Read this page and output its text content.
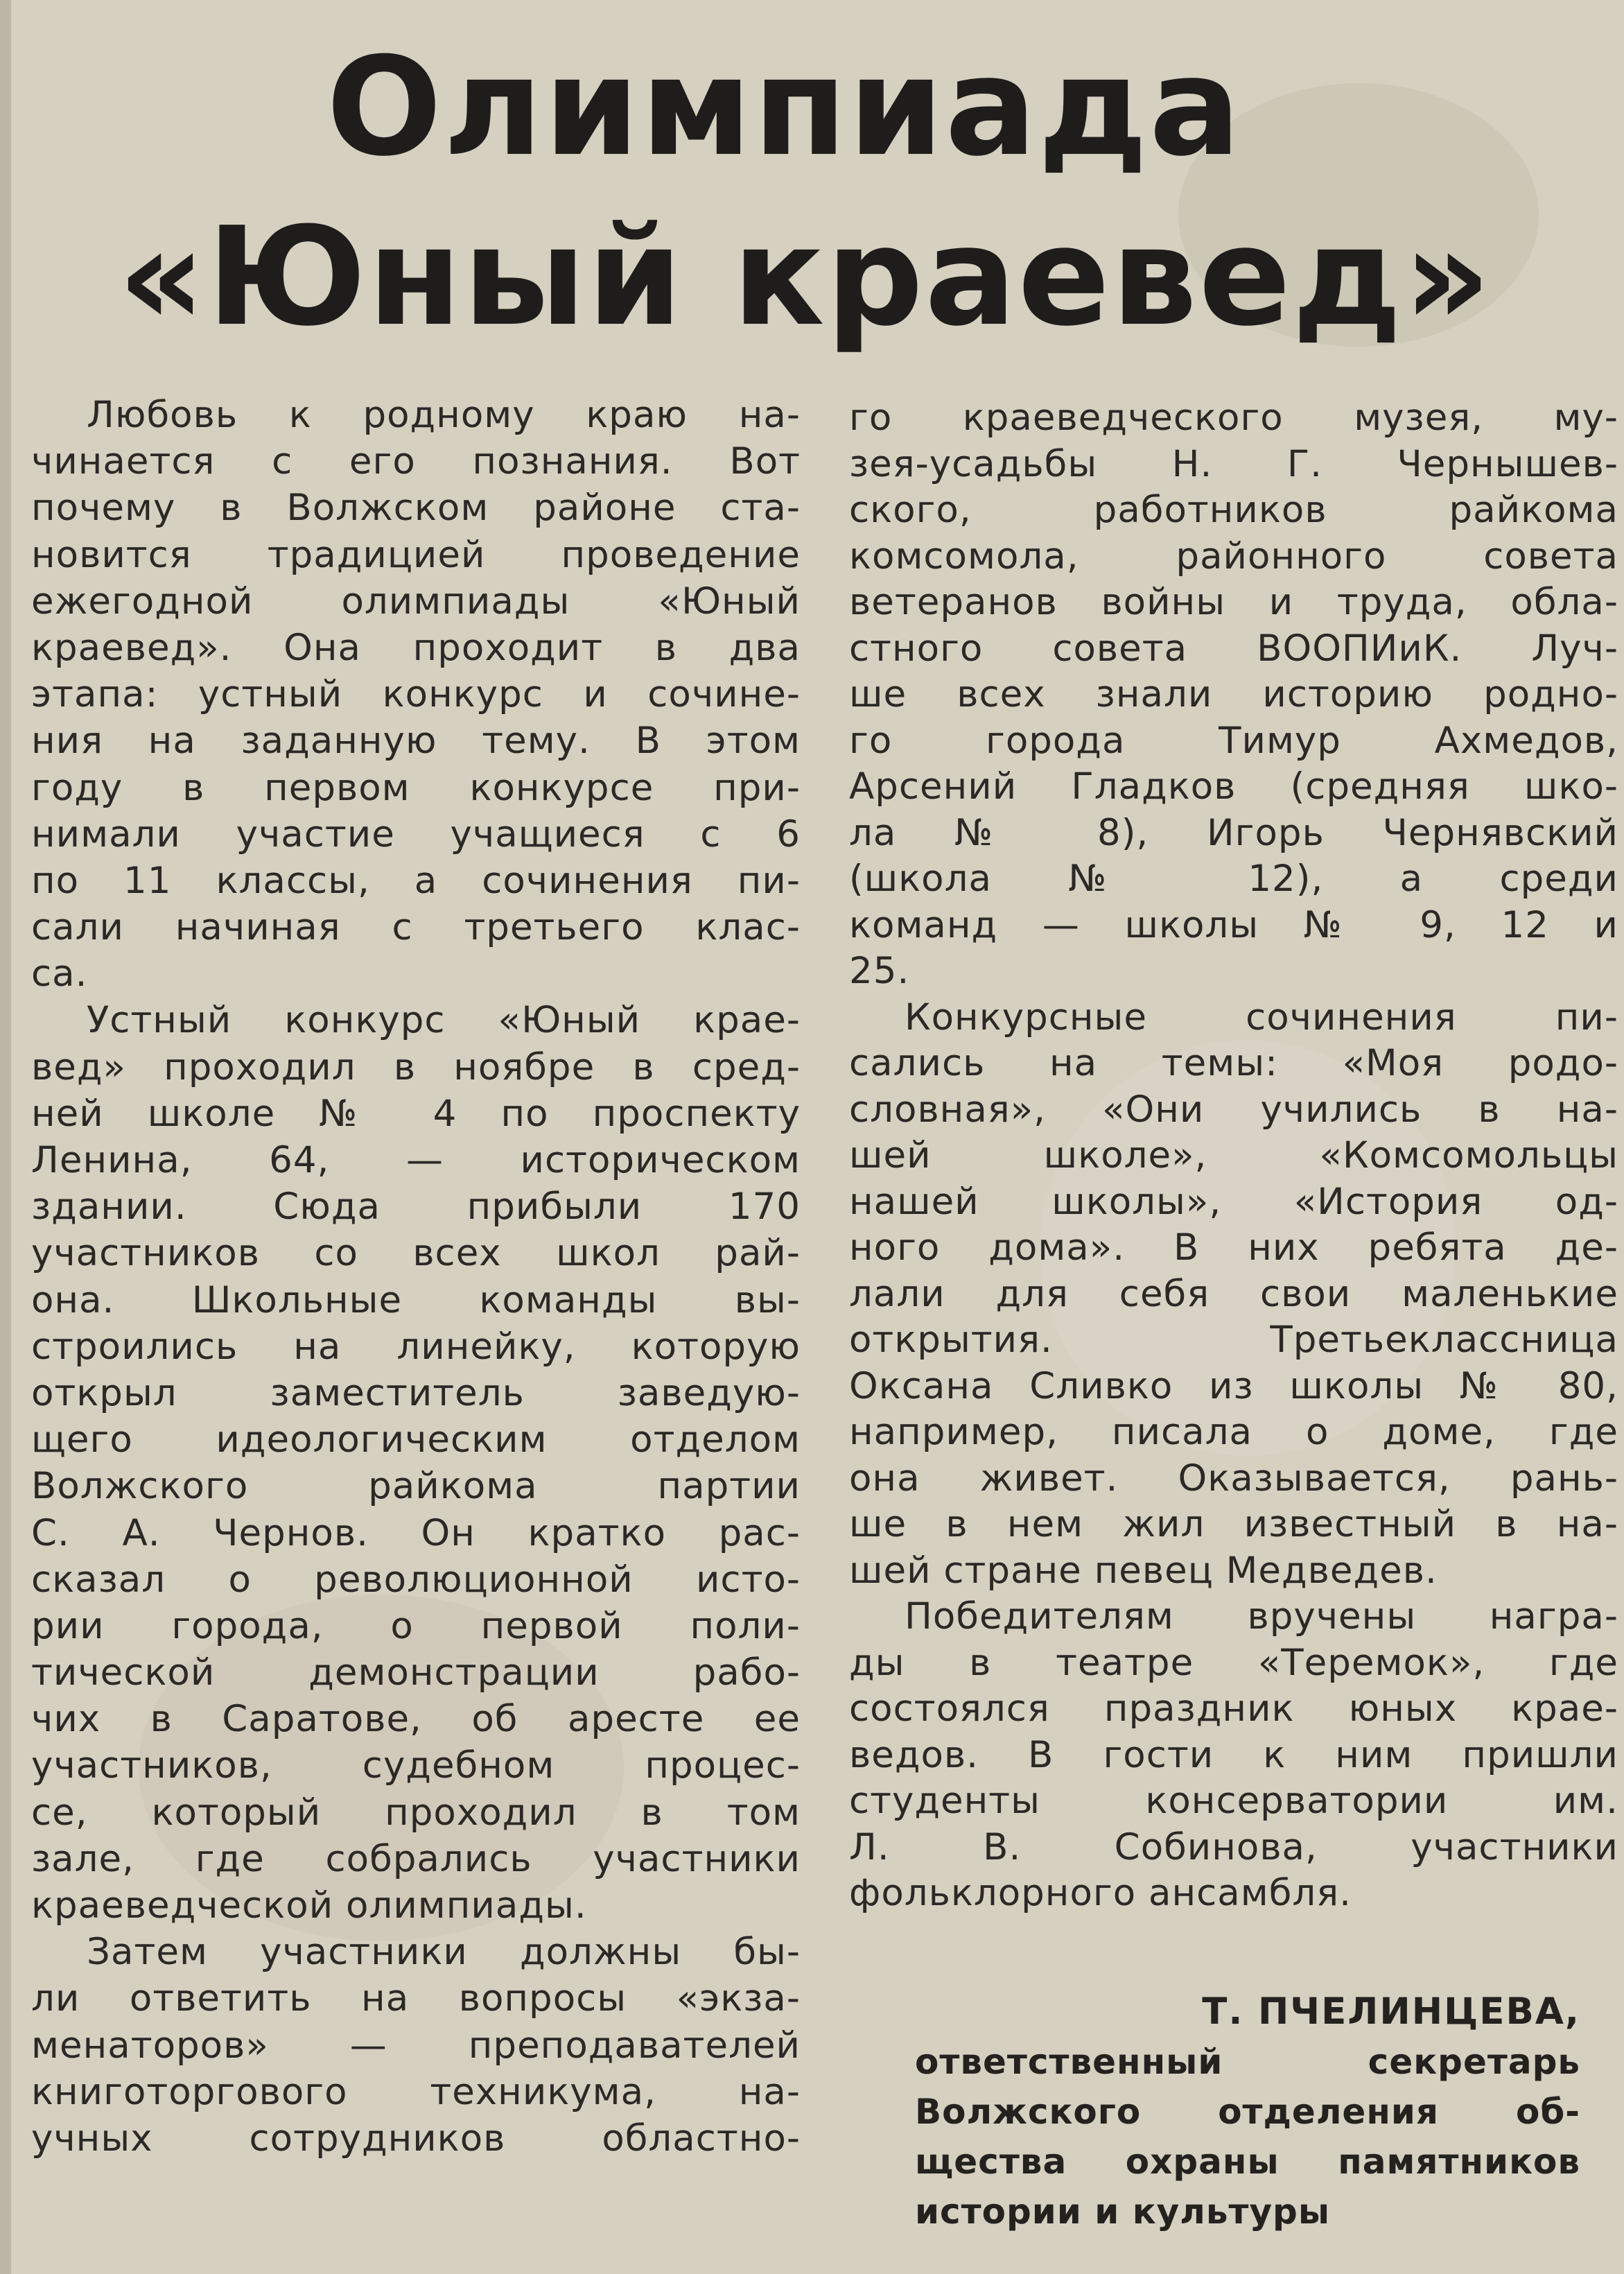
Олимпиада
«Юный краевед»
Любовь к родному краю на-
чинается с его познания. Вот
почему в Волжском районе ста-
новится традицией проведение
ежегодной олимпиады «Юный
краевед». Она проходит в два
этапа: устный конкурс и сочине-
ния на заданную тему. В этом
году в первом конкурсе при-
нимали участие учащиеся с 6
по 11 классы, а сочинения пи-
сали начиная с третьего клас-
са.
Устный конкурс «Юный крае-
вед» проходил в ноябре в сред-
ней школе № 4 по проспекту
Ленина, 64, — историческом
здании. Сюда прибыли 170
участников со всех школ рай-
она. Школьные команды вы-
строились на линейку, которую
открыл заместитель заведую-
щего идеологическим отделом
Волжского райкома партии
С. А. Чернов. Он кратко рас-
сказал о революционной исто-
рии города, о первой поли-
тической демонстрации рабо-
чих в Саратове, об аресте ее
участников, судебном процес-
се, который проходил в том
зале, где собрались участники
краеведческой олимпиады.
Затем участники должны бы-
ли ответить на вопросы «экза-
менаторов» — преподавателей
книготоргового техникума, на-
учных сотрудников областно-
го краеведческого музея, му-
зея-усадьбы Н. Г. Чернышев-
ского, работников райкома
комсомола, районного совета
ветеранов войны и труда, обла-
стного совета ВООПИиК. Луч-
ше всех знали историю родно-
го города Тимур Ахмедов,
Арсений Гладков (средняя шко-
ла № 8), Игорь Чернявский
(школа № 12), а среди
команд — школы № 9, 12 и
25.
Конкурсные сочинения пи-
сались на темы: «Моя родо-
словная», «Они учились в на-
шей школе», «Комсомольцы
нашей школы», «История од-
ного дома». В них ребята де-
лали для себя свои маленькие
открытия. Третьеклассница
Оксана Сливко из школы № 80,
например, писала о доме, где
она живет. Оказывается, рань-
ше в нем жил известный в на-
шей стране певец Медведев.
Победителям вручены награ-
ды в театре «Теремок», где
состоялся праздник юных крае-
ведов. В гости к ним пришли
студенты консерватории им.
Л. В. Собинова, участники
фольклорного ансамбля.
Т. ПЧЕЛИНЦЕВА,
ответственный секретарь
Волжского отделения об-
щества охраны памятников
истории и культуры
